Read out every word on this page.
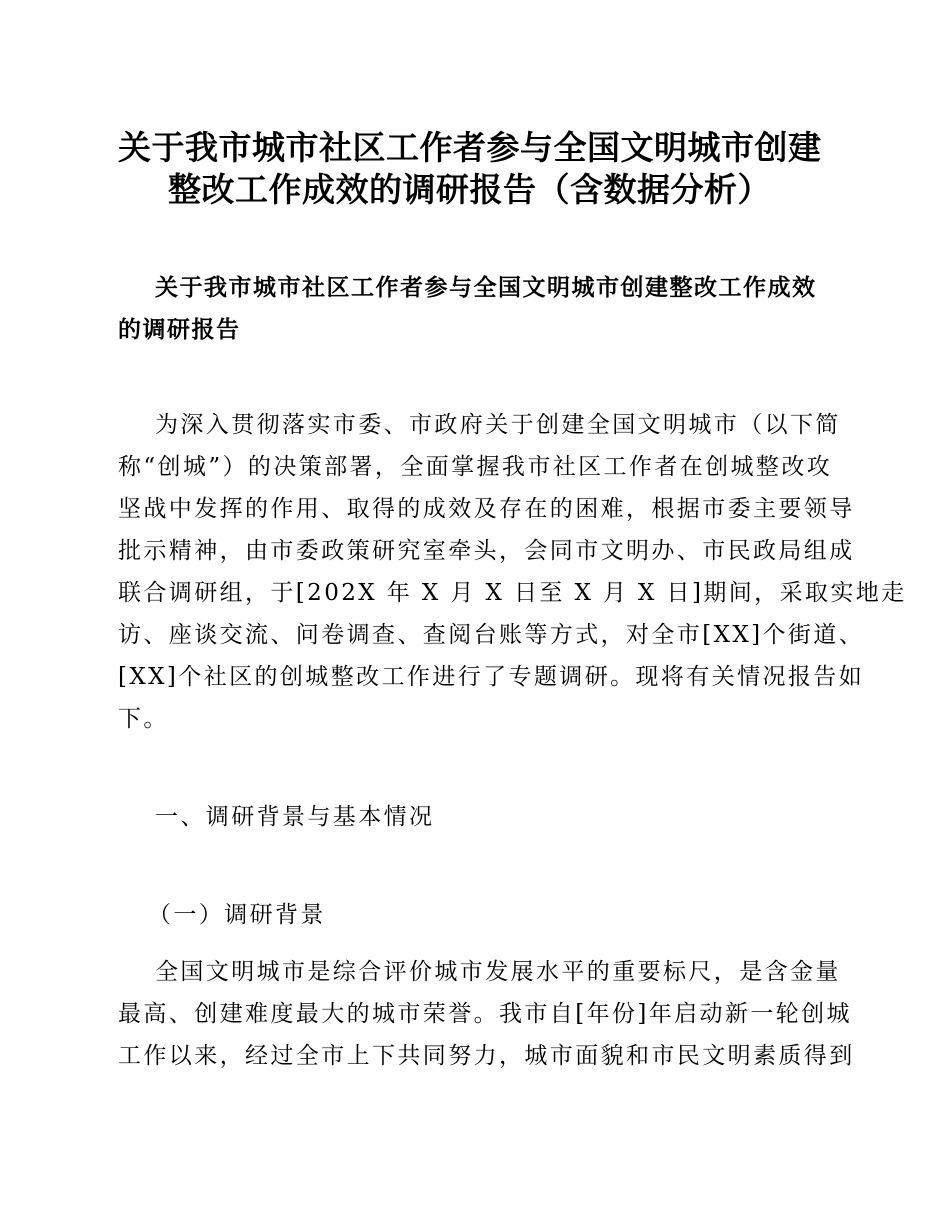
关于我市城市社区工作者参与全国文明城市创建
整改工作成效的调研报告（含数据分析）
关于我市城市社区工作者参与全国文明城市创建整改工作成效
的调研报告
为深入贯彻落实市委、市政府关于创建全国文明城市（以下简
称“创城”）的决策部署，全面掌握我市社区工作者在创城整改攻
坚战中发挥的作用、取得的成效及存在的困难，根据市委主要领导
批示精神，由市委政策研究室牵头，会同市文明办、市民政局组成
联合调研组，于[202X 年 X 月 X 日至 X 月 X 日]期间，采取实地走
访、座谈交流、问卷调查、查阅台账等方式，对全市[XX]个街道、
[XX]个社区的创城整改工作进行了专题调研。现将有关情况报告如
下。
一、调研背景与基本情况
（一）调研背景
全国文明城市是综合评价城市发展水平的重要标尺，是含金量
最高、创建难度最大的城市荣誉。我市自[年份]年启动新一轮创城
工作以来，经过全市上下共同努力，城市面貌和市民文明素质得到
